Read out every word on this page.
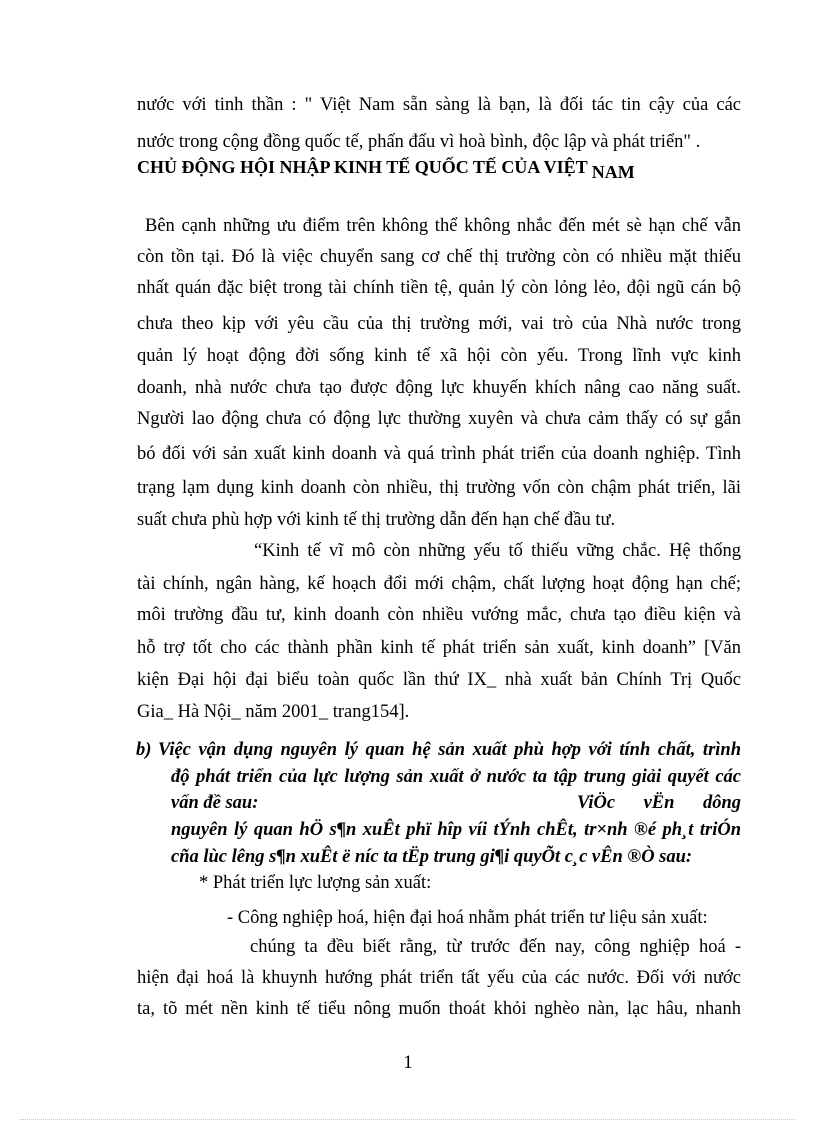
nước với tinh thần : " Việt Nam sẵn sàng là bạn, là đối tác tin cậy của các
nước trong cộng đồng quốc tế, phấn đấu vì hoà bình, độc lập và phát triển" .
CHỦ ĐỘNG HỘI NHẬP KINH TẾ QUỐC TẾ CỦA VIỆT NAM
Bên cạnh những ưu điểm trên không thể không nhắc đến mét sè hạn chế vẫn
còn tồn tại. Đó là việc chuyển sang cơ chế thị trường còn có nhiều mặt thiếu
nhất quán đặc biệt trong tài chính tiền tệ, quản lý còn lỏng lẻo, đội ngũ cán bộ
chưa theo kịp với yêu cầu của thị trường mới, vai trò của Nhà nước trong
quản lý hoạt động đời sống kinh tế xã hội còn yếu. Trong lĩnh vực kinh
doanh, nhà nước chưa tạo được động lực khuyến khích nâng cao năng suất.
Người lao động chưa có động lực thường xuyên và chưa cảm thấy có sự gắn
bó đối với sản xuất kinh doanh và quá trình phát triển của doanh nghiệp. Tình
trạng lạm dụng kinh doanh còn nhiều, thị trường vốn còn chậm phát triển, lãi
suất chưa phù hợp với kinh tế thị trường dẫn đến hạn chế đầu tư.
“Kinh tế vĩ mô còn những yếu tố thiếu vững chắc. Hệ thống
tài chính, ngân hàng, kế hoạch đổi mới chậm, chất lượng hoạt động hạn chế;
môi trường đầu tư, kinh doanh còn nhiều vướng mắc, chưa tạo điều kiện và
hỗ trợ tốt cho các thành phần kinh tế phát triển sản xuất, kinh doanh” [Văn
kiện Đại hội đại biểu toàn quốc lần thứ IX_ nhà xuất bản Chính Trị Quốc
Gia_ Hà Nội_ năm 2001_ trang154].
b) Việc vận dụng nguyên lý quan hệ sản xuất phù hợp với tính chất, trình
độ phát triển của lực lượng sản xuất ở nước ta tập trung giải quyết các
vấn đề sau:	ViÖc vËn dông
nguyên lý quan hÖ s¶n xuÊt phï hîp víi tÝnh chÊt, tr×nh ®é ph¸t triÓn
cña lùc lêng s¶n xuÊt ë níc ta tËp trung gi¶i quyÕt c¸c vÊn ®Ò sau:
* Phát triển lực lượng sản xuất:
- Công nghiệp hoá, hiện đại hoá nhằm phát triển tư liệu sản xuất:
chúng ta đều biết rằng, từ trước đến nay, công nghiệp hoá -
hiện đại hoá là khuynh hướng phát triển tất yếu của các nước. Đối với nước
ta, tõ mét nền kinh tế tiểu nông muốn thoát khỏi nghèo nàn, lạc hâu, nhanh
1
